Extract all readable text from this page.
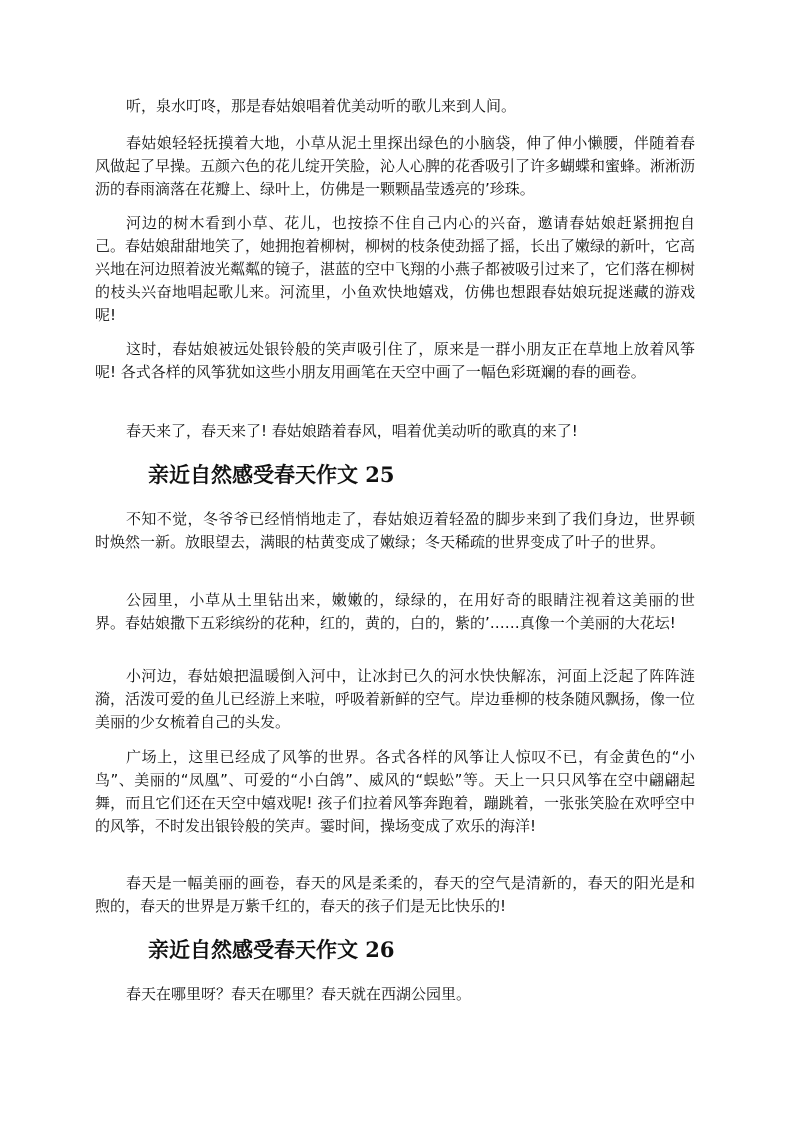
听，泉水叮咚，那是春姑娘唱着优美动听的歌儿来到人间。

春姑娘轻轻抚摸着大地，小草从泥土里探出绿色的小脑袋，伸了伸小懒腰，伴随着春风做起了早操。五颜六色的花儿绽开笑脸，沁人心脾的花香吸引了许多蝴蝶和蜜蜂。淅淅沥沥的春雨滴落在花瓣上、绿叶上，仿佛是一颗颗晶莹透亮的’珍珠。

河边的树木看到小草、花儿，也按捺不住自己内心的兴奋，邀请春姑娘赶紧拥抱自己。春姑娘甜甜地笑了，她拥抱着柳树，柳树的枝条使劲摇了摇，长出了嫩绿的新叶，它高兴地在河边照着波光粼粼的镜子，湛蓝的空中飞翔的小燕子都被吸引过来了，它们落在柳树的枝头兴奋地唱起歌儿来。河流里，小鱼欢快地嬉戏，仿佛也想跟春姑娘玩捉迷藏的游戏呢!

这时，春姑娘被远处银铃般的笑声吸引住了，原来是一群小朋友正在草地上放着风筝呢! 各式各样的风筝犹如这些小朋友用画笔在天空中画了一幅色彩斑斓的春的画卷。

春天来了，春天来了! 春姑娘踏着春风，唱着优美动听的歌真的来了!

亲近自然感受春天作文 25

不知不觉，冬爷爷已经悄悄地走了，春姑娘迈着轻盈的脚步来到了我们身边，世界顿时焕然一新。放眼望去，满眼的枯黄变成了嫩绿；冬天稀疏的世界变成了叶子的世界。

公园里，小草从土里钻出来，嫩嫩的，绿绿的，在用好奇的眼睛注视着这美丽的世界。春姑娘撒下五彩缤纷的花种，红的，黄的，白的，紫的’……真像一个美丽的大花坛!

小河边，春姑娘把温暖倒入河中，让冰封已久的河水快快解冻，河面上泛起了阵阵涟漪，活泼可爱的鱼儿已经游上来啦，呼吸着新鲜的空气。岸边垂柳的枝条随风飘扬，像一位美丽的少女梳着自己的头发。

广场上，这里已经成了风筝的世界。各式各样的风筝让人惊叹不已，有金黄色的“小鸟”、美丽的“凤凰”、可爱的“小白鸽”、威风的“蜈蚣”等。天上一只只风筝在空中翩翩起舞，而且它们还在天空中嬉戏呢! 孩子们拉着风筝奔跑着，蹦跳着，一张张笑脸在欢呼空中的风筝，不时发出银铃般的笑声。霎时间，操场变成了欢乐的海洋!

春天是一幅美丽的画卷，春天的风是柔柔的，春天的空气是清新的，春天的阳光是和煦的，春天的世界是万紫千红的，春天的孩子们是无比快乐的!

亲近自然感受春天作文 26

春天在哪里呀？春天在哪里？春天就在西湖公园里。
